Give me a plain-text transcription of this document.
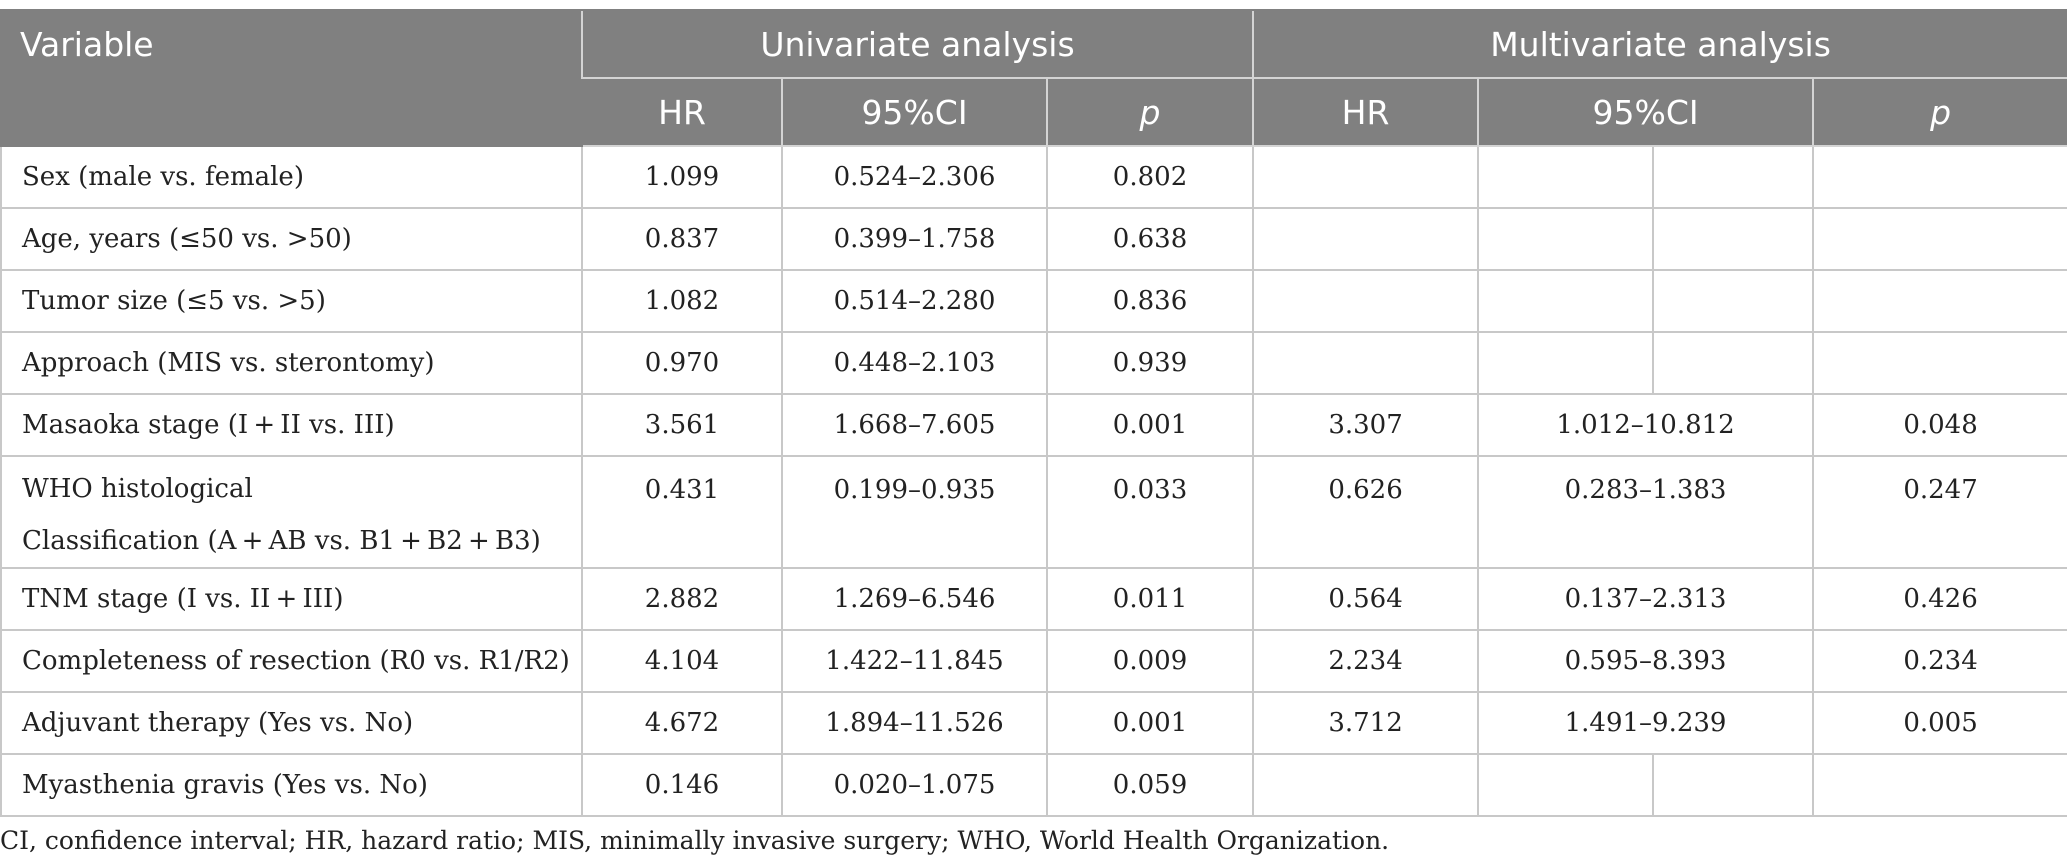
Variable	Univariate analysis			Multivariate analysis			
	HR	95%CI	p	HR	95%CI		p
Sex (male vs. female)	1.099	0.524–2.306	0.802				
Age, years (≤50 vs. >50)	0.837	0.399–1.758	0.638				
Tumor size (≤5 vs. >5)	1.082	0.514–2.280	0.836				
Approach (MIS vs. sterontomy)	0.970	0.448–2.103	0.939				
Masaoka stage (I + II vs. III)	3.561	1.668–7.605	0.001	3.307	1.012–10.812		0.048
WHO histological
Classification (A + AB vs. B1 + B2 + B3)	0.431	0.199–0.935	0.033	0.626	0.283–1.383		0.247
TNM stage (I vs. II + III)	2.882	1.269–6.546	0.011	0.564	0.137–2.313		0.426
Completeness of resection (R0 vs. R1/R2)	4.104	1.422–11.845	0.009	2.234	0.595–8.393		0.234
Adjuvant therapy (Yes vs. No)	4.672	1.894–11.526	0.001	3.712	1.491–9.239		0.005
Myasthenia gravis (Yes vs. No)	0.146	0.020–1.075	0.059				
CI, confidence interval; HR, hazard ratio; MIS, minimally invasive surgery; WHO, World Health Organization.
